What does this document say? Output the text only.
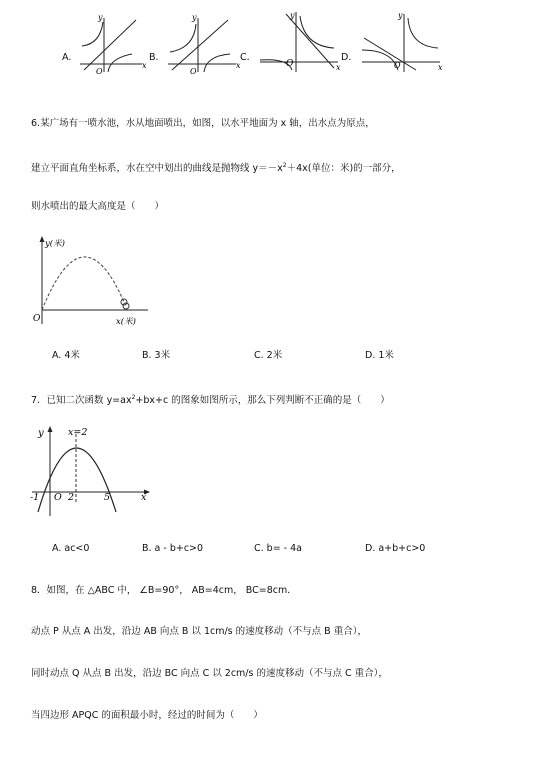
A.
y
x
O
B.
y
x
O
C.
y
x
O
D.
y
x
O
6.某广场有一喷水池，水从地面喷出，如图，以水平地面为 x 轴，出水点为原点，
建立平面直角坐标系，水在空中划出的曲线是抛物线 $y=-x^2+4x$(单位：米)的一部分，
则水喷出的最大高度是（　　）
y(米)
x(米)
O
A. 4米	B. 3米	C. 2米	D. 1米
7．已知二次函数 $y=ax^2+bx+c$ 的图象如图所示，那么下列判断不正确的是（　　）
y	x=2
-1 O 2	5	x
A. ac<0	B. a - b+c>0	C. b= - 4a	D. a+b+c>0
8．如图，在 △ABC 中， ∠B=90°， AB=4cm， BC=8cm．
动点 P 从点 A 出发，沿边 AB 向点 B 以 1cm/s 的速度移动（不与点 B 重合），
同时动点 Q 从点 B 出发，沿边 BC 向点 C 以 2cm/s 的速度移动（不与点 C 重合），
当四边形 APQC 的面积最小时，经过的时间为（　　）
